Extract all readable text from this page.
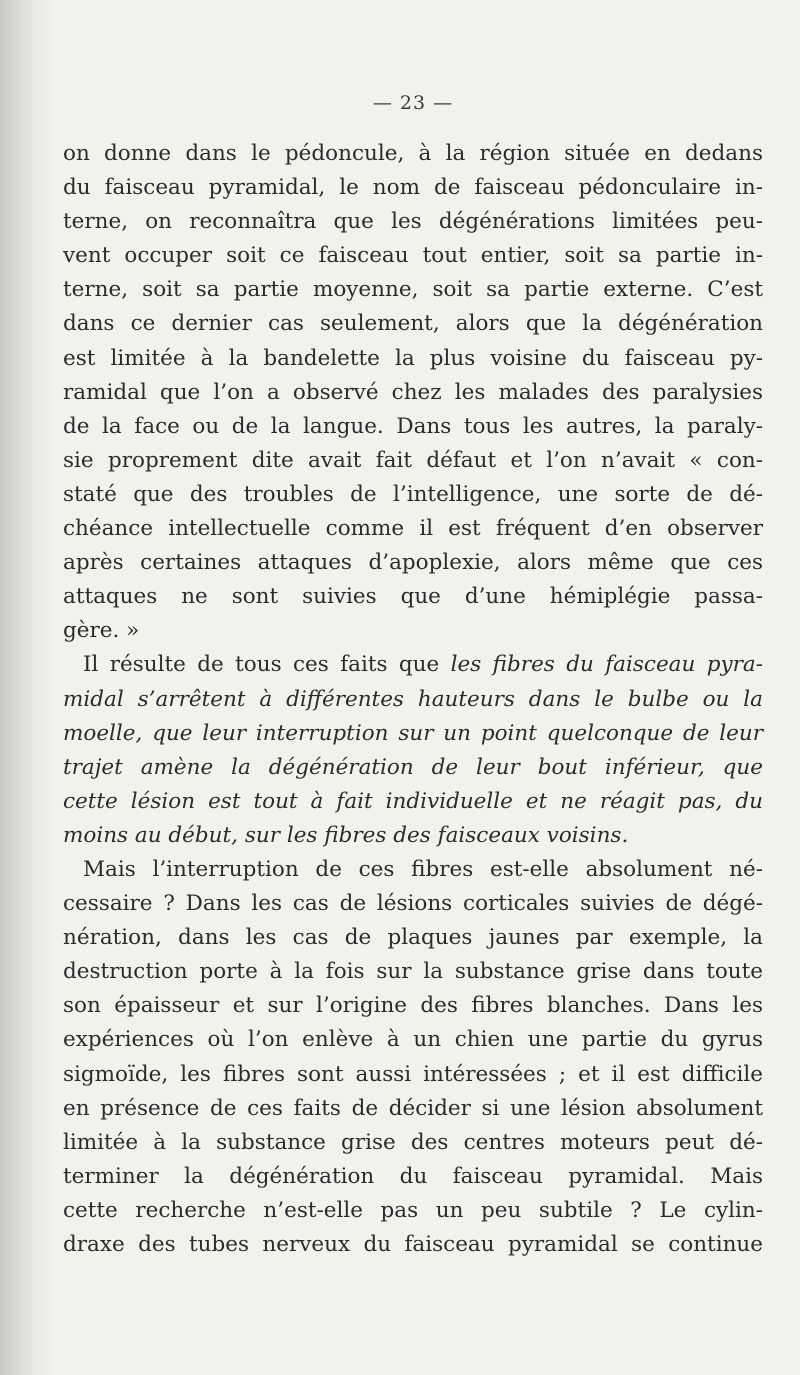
— 23 —
on donne dans le pédoncule, à la région située en dedans
du faisceau pyramidal, le nom de faisceau pédonculaire in-
terne, on reconnaîtra que les dégénérations limitées peu-
vent occuper soit ce faisceau tout entier, soit sa partie in-
terne, soit sa partie moyenne, soit sa partie externe. C’est
dans ce dernier cas seulement, alors que la dégénération
est limitée à la bandelette la plus voisine du faisceau py-
ramidal que l’on a observé chez les malades des paralysies
de la face ou de la langue. Dans tous les autres, la paraly-
sie proprement dite avait fait défaut et l’on n’avait « con-
staté que des troubles de l’intelligence, une sorte de dé-
chéance intellectuelle comme il est fréquent d’en observer
après certaines attaques d’apoplexie, alors même que ces
attaques ne sont suivies que d’une hémiplégie passa-
gère. »
Il résulte de tous ces faits que les fibres du faisceau pyra-
midal s’arrêtent à différentes hauteurs dans le bulbe ou la
moelle, que leur interruption sur un point quelconque de leur
trajet amène la dégénération de leur bout inférieur, que
cette lésion est tout à fait individuelle et ne réagit pas, du
moins au début, sur les fibres des faisceaux voisins.
Mais l’interruption de ces fibres est-elle absolument né-
cessaire ? Dans les cas de lésions corticales suivies de dégé-
nération, dans les cas de plaques jaunes par exemple, la
destruction porte à la fois sur la substance grise dans toute
son épaisseur et sur l’origine des fibres blanches. Dans les
expériences où l’on enlève à un chien une partie du gyrus
sigmoïde, les fibres sont aussi intéressées ; et il est difficile
en présence de ces faits de décider si une lésion absolument
limitée à la substance grise des centres moteurs peut dé-
terminer la dégénération du faisceau pyramidal. Mais
cette recherche n’est-elle pas un peu subtile ? Le cylin-
draxe des tubes nerveux du faisceau pyramidal se continue
